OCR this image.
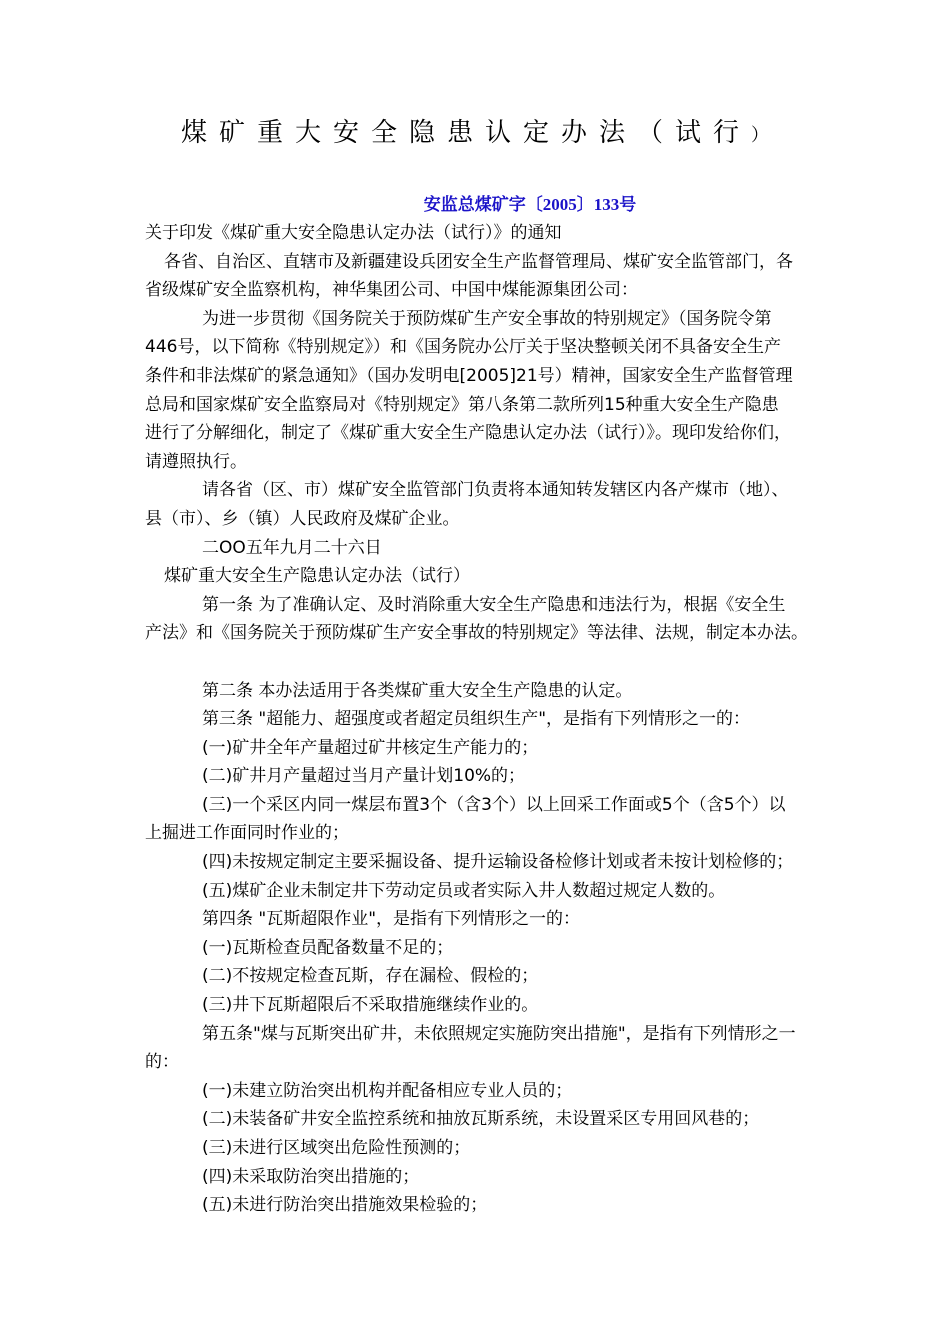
煤矿重大安全隐患认定办法（试行）
安监总煤矿字〔2005〕133号
关于印发《煤矿重大安全隐患认定办法（试行）》的通知
各省、自治区、直辖市及新疆建设兵团安全生产监督管理局、煤矿安全监管部门，各
省级煤矿安全监察机构，神华集团公司、中国中煤能源集团公司：
为进一步贯彻《国务院关于预防煤矿生产安全事故的特别规定》（国务院令第
446号，以下简称《特别规定》）和《国务院办公厅关于坚决整顿关闭不具备安全生产
条件和非法煤矿的紧急通知》（国办发明电[2005]21号）精神，国家安全生产监督管理
总局和国家煤矿安全监察局对《特别规定》第八条第二款所列15种重大安全生产隐患
进行了分解细化，制定了《煤矿重大安全生产隐患认定办法（试行）》。现印发给你们，
请遵照执行。
请各省（区、市）煤矿安全监管部门负责将本通知转发辖区内各产煤市（地）、
县（市）、乡（镇）人民政府及煤矿企业。
二OO五年九月二十六日
煤矿重大安全生产隐患认定办法（试行）
第一条 为了准确认定、及时消除重大安全生产隐患和违法行为，根据《安全生
产法》和《国务院关于预防煤矿生产安全事故的特别规定》等法律、法规，制定本办法。
第二条 本办法适用于各类煤矿重大安全生产隐患的认定。
第三条 "超能力、超强度或者超定员组织生产"，是指有下列情形之一的：
(一)矿井全年产量超过矿井核定生产能力的；
(二)矿井月产量超过当月产量计划10%的；
(三)一个采区内同一煤层布置3个（含3个）以上回采工作面或5个（含5个）以
上掘进工作面同时作业的；
(四)未按规定制定主要采掘设备、提升运输设备检修计划或者未按计划检修的；
(五)煤矿企业未制定井下劳动定员或者实际入井人数超过规定人数的。
第四条 "瓦斯超限作业"，是指有下列情形之一的：
(一)瓦斯检查员配备数量不足的；
(二)不按规定检查瓦斯，存在漏检、假检的；
(三)井下瓦斯超限后不采取措施继续作业的。
第五条"煤与瓦斯突出矿井，未依照规定实施防突出措施"，是指有下列情形之一
的：
(一)未建立防治突出机构并配备相应专业人员的；
(二)未装备矿井安全监控系统和抽放瓦斯系统，未设置采区专用回风巷的；
(三)未进行区域突出危险性预测的；
(四)未采取防治突出措施的；
(五)未进行防治突出措施效果检验的；
